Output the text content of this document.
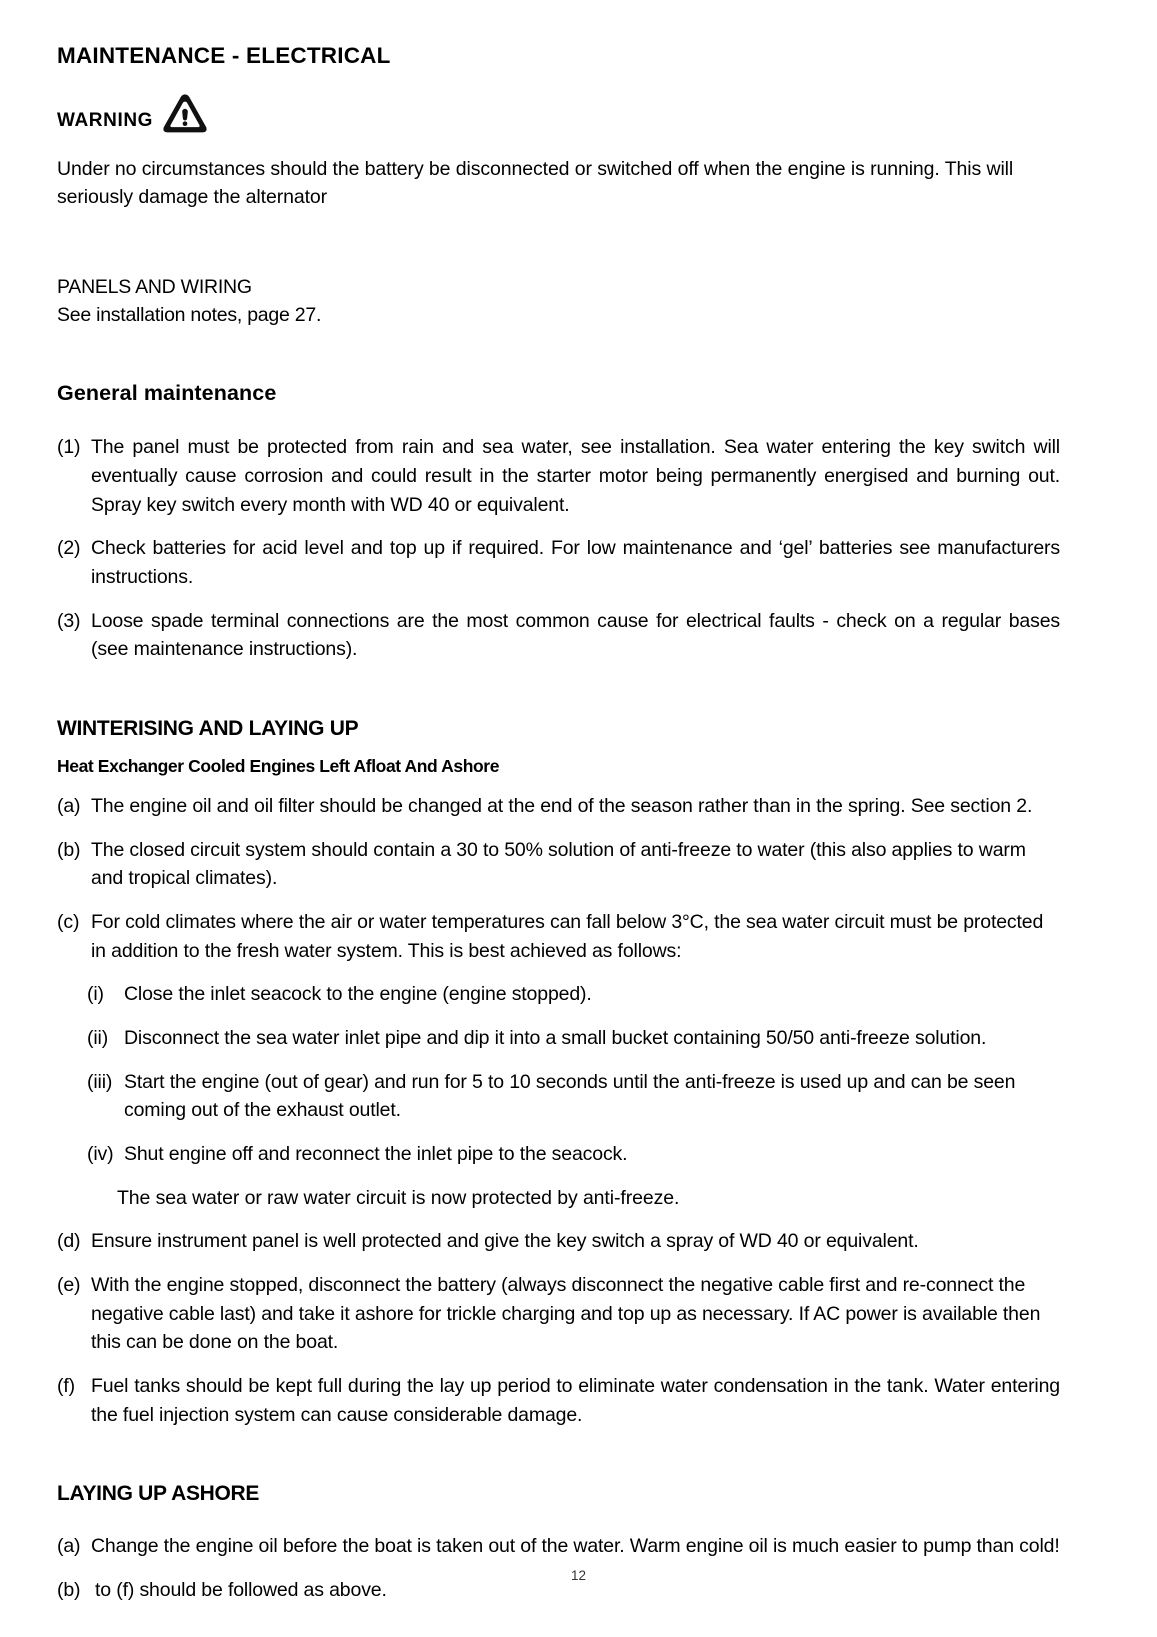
MAINTENANCE - ELECTRICAL
WARNING

Under no circumstances should the battery be disconnected or switched off when the engine is running. This will seriously damage the alternator

PANELS AND WIRING
See installation notes, page 27.
General maintenance
(1) The panel must be protected from rain and sea water, see installation. Sea water entering the key switch will eventually cause corrosion and could result in the starter motor being permanently energised and burning out. Spray key switch every month with WD 40 or equivalent.
(2) Check batteries for acid level and top up if required. For low maintenance and ‘gel’ batteries see manufacturers instructions.
(3) Loose spade terminal connections are the most common cause for electrical faults - check on a regular bases (see maintenance instructions).
WINTERISING AND LAYING UP
Heat Exchanger Cooled Engines Left Afloat And Ashore
(a) The engine oil and oil filter should be changed at the end of the season rather than in the spring. See section 2.
(b) The closed circuit system should contain a 30 to 50% solution of anti-freeze to water (this also applies to warm and tropical climates).
(c) For cold climates where the air or water temperatures can fall below 3°C, the sea water circuit must be protected in addition to the fresh water system. This is best achieved as follows:
(i) Close the inlet seacock to the engine (engine stopped).
(ii) Disconnect the sea water inlet pipe and dip it into a small bucket containing 50/50 anti-freeze solution.
(iii) Start the engine (out of gear) and run for 5 to 10 seconds until the anti-freeze is used up and can be seen coming out of the exhaust outlet.
(iv) Shut engine off and reconnect the inlet pipe to the seacock.

The sea water or raw water circuit is now protected by anti-freeze.

(d) Ensure instrument panel is well protected and give the key switch a spray of WD 40 or equivalent.
(e) With the engine stopped, disconnect the battery (always disconnect the negative cable first and re-connect the negative cable last) and take it ashore for trickle charging and top up as necessary. If AC power is available then this can be done on the boat.
(f) Fuel tanks should be kept full during the lay up period to eliminate water condensation in the tank. Water entering the fuel injection system can cause considerable damage.
LAYING UP ASHORE
(a) Change the engine oil before the boat is taken out of the water. Warm engine oil is much easier to pump than cold!
(b) to (f) should be followed as above.
12
